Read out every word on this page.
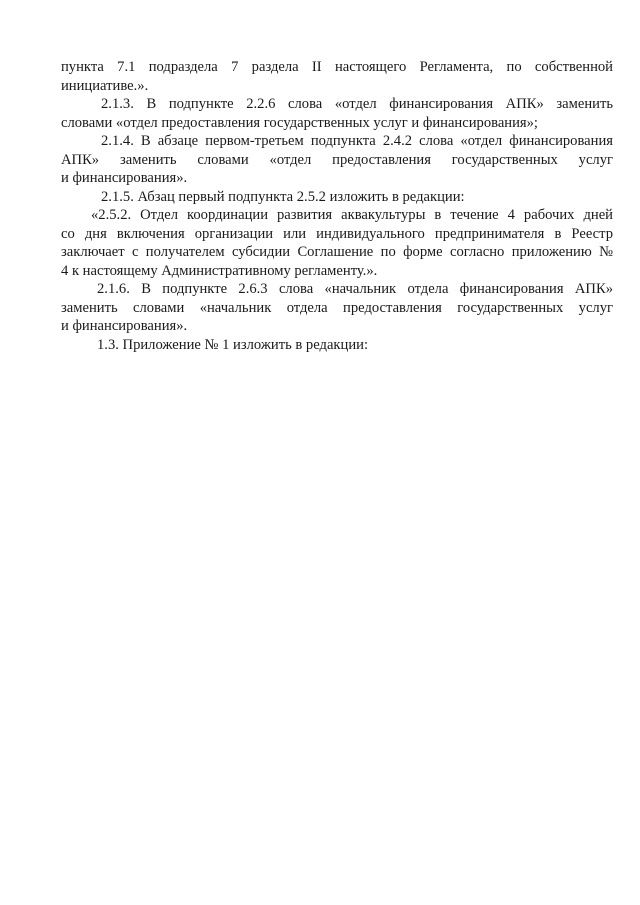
пункта 7.1 подраздела 7 раздела II настоящего Регламента, по собственной
инициативе.».

2.1.3. В подпункте 2.2.6 слова «отдел финансирования АПК» заменить
словами «отдел предоставления государственных услуг и финансирования»;

2.1.4. В абзаце первом-третьем подпункта 2.4.2 слова «отдел финансирования
АПК» заменить словами «отдел предоставления государственных услуг
и финансирования».

2.1.5. Абзац первый подпункта 2.5.2 изложить в редакции:

«2.5.2. Отдел координации развития аквакультуры в течение 4 рабочих дней
со дня включения организации или индивидуального предпринимателя в Реестр
заключает с получателем субсидии Соглашение по форме согласно приложению №
4 к настоящему Административному регламенту.».

2.1.6. В подпункте 2.6.3 слова «начальник отдела финансирования АПК»
заменить словами «начальник отдела предоставления государственных услуг
и финансирования».

1.3. Приложение № 1 изложить в редакции:
